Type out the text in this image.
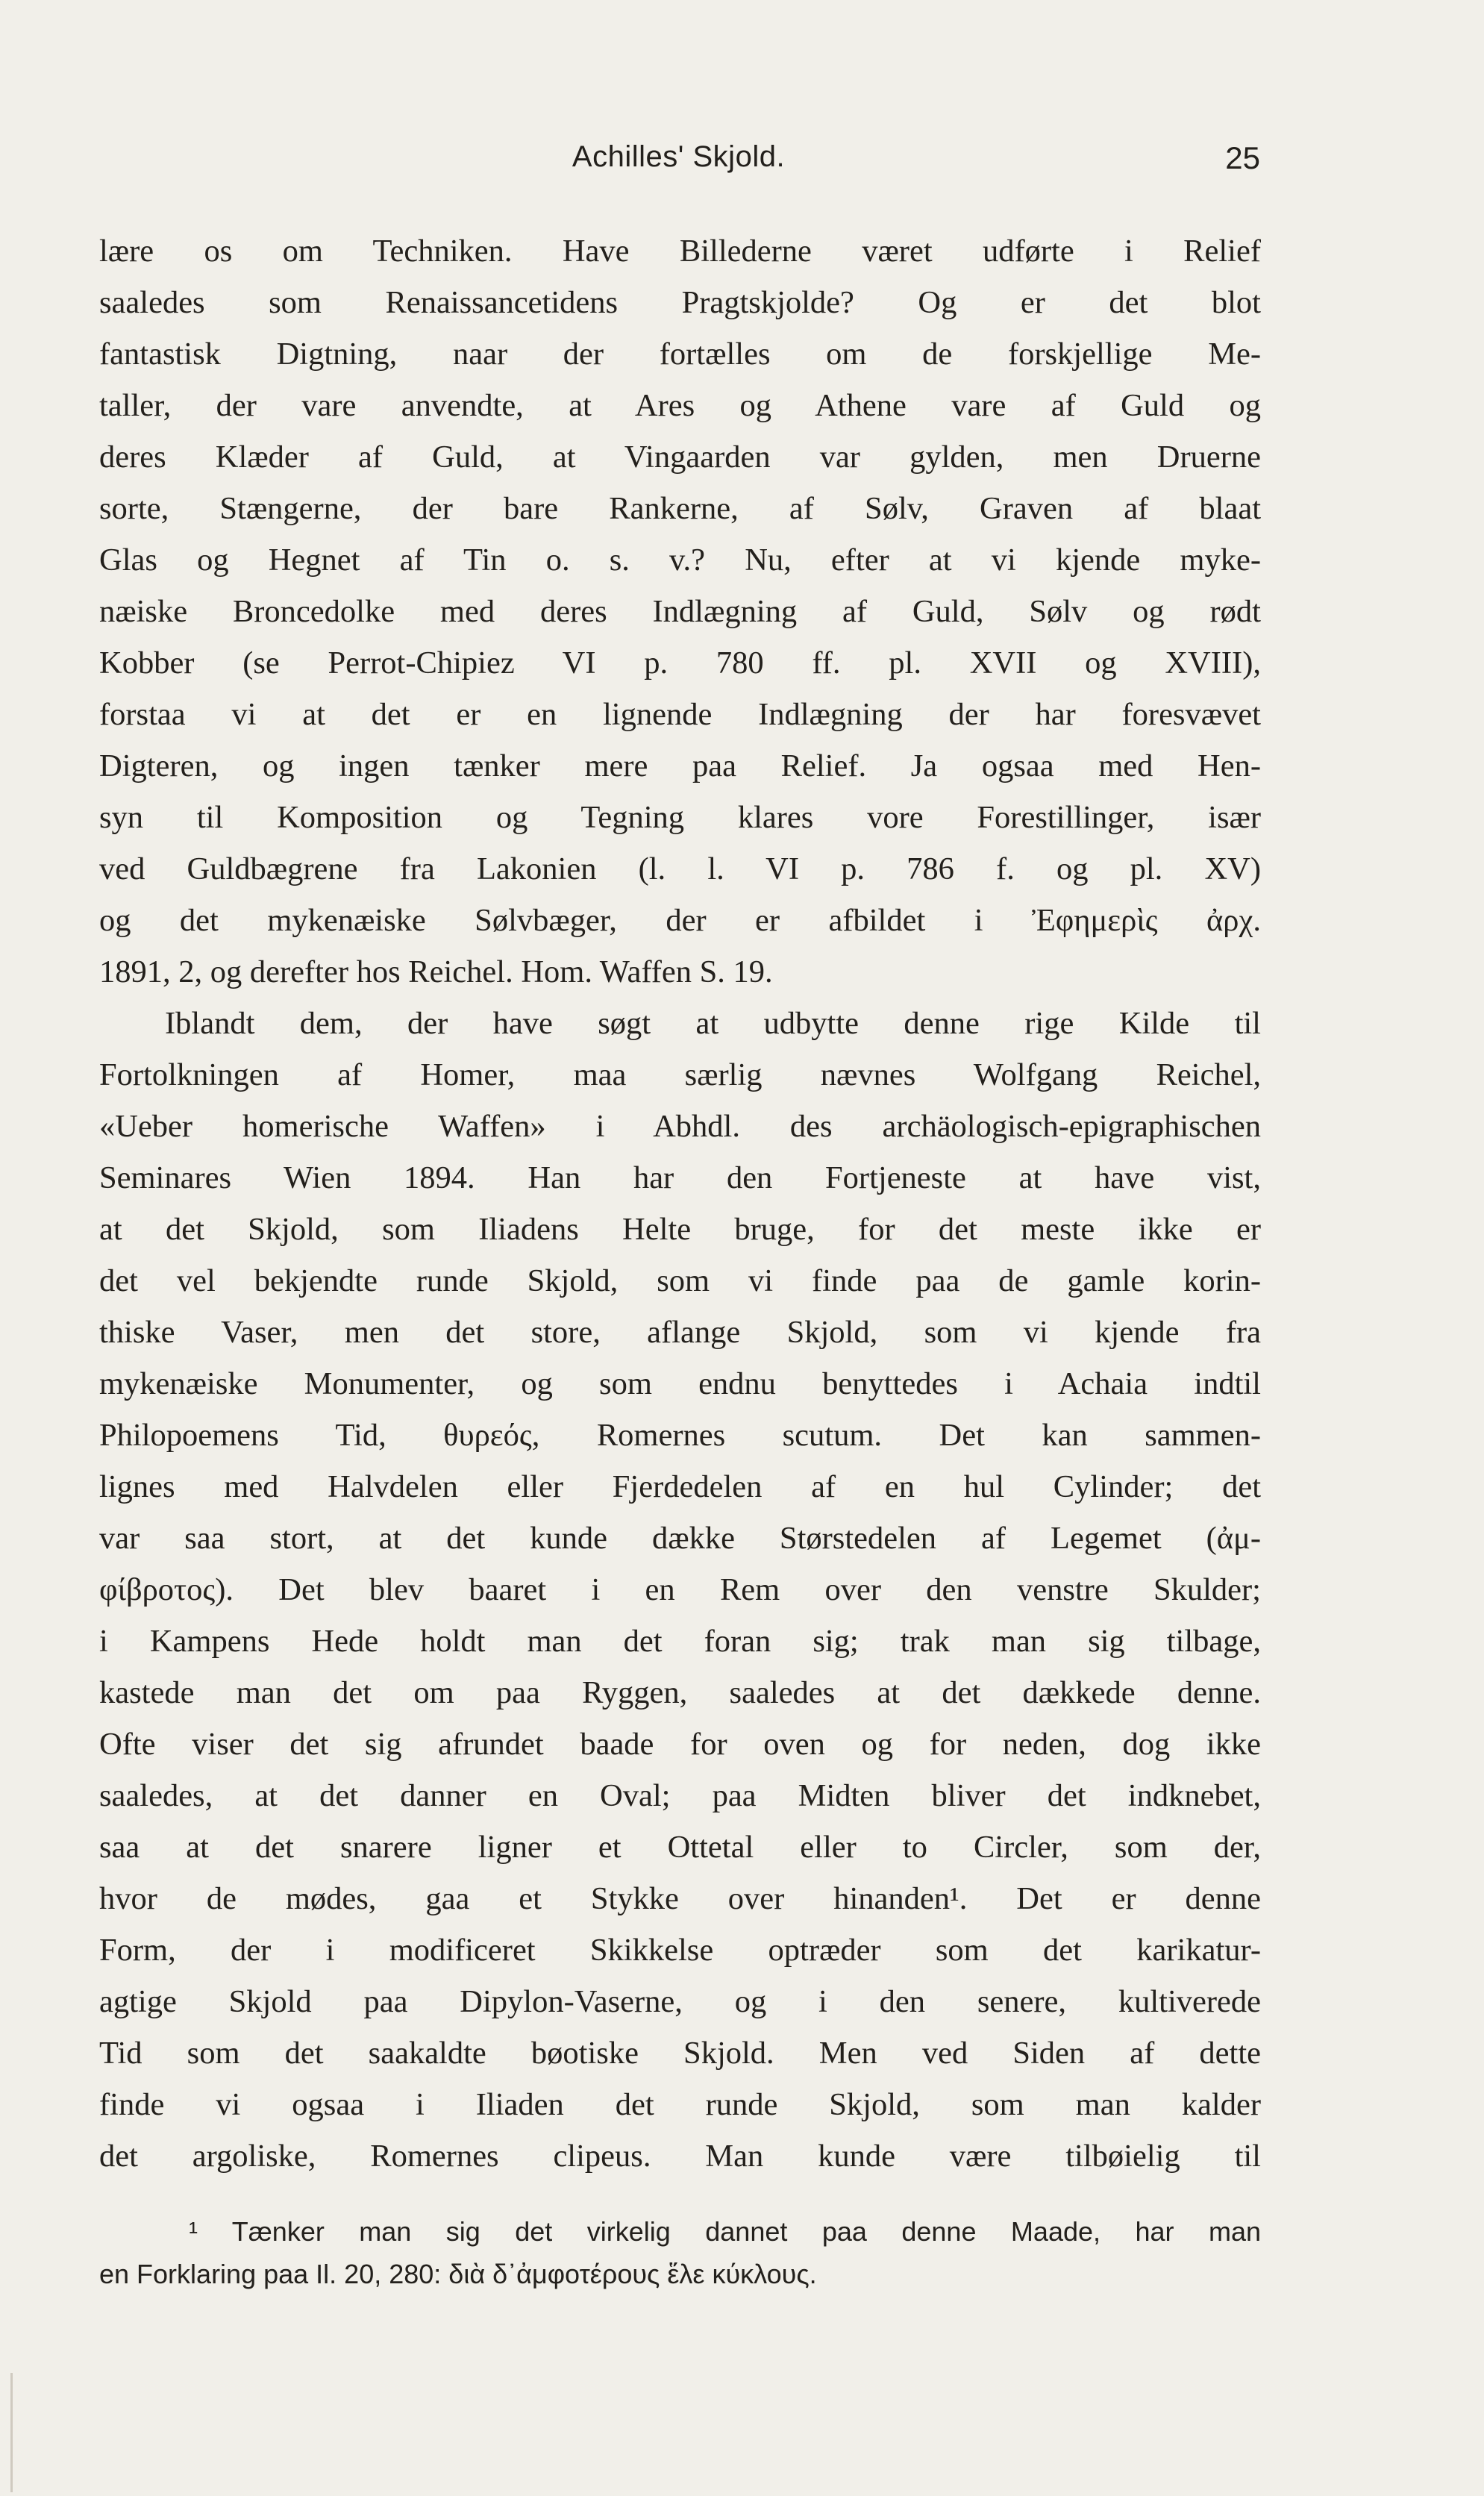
Achilles' Skjold.	25
lære os om Techniken. Have Billederne været udførte i Relief
saaledes som Renaissancetidens Pragtskjolde? Og er det blot
fantastisk Digtning, naar der fortælles om de forskjellige Me-
taller, der vare anvendte, at Ares og Athene vare af Guld og
deres Klæder af Guld, at Vingaarden var gylden, men Druerne
sorte, Stængerne, der bare Rankerne, af Sølv, Graven af blaat
Glas og Hegnet af Tin o. s. v.? Nu, efter at vi kjende myke-
næiske Broncedolke med deres Indlægning af Guld, Sølv og rødt
Kobber (se Perrot-Chipiez VI p. 780 ff. pl. XVII og XVIII),
forstaa vi at det er en lignende Indlægning der har foresvævet
Digteren, og ingen tænker mere paa Relief. Ja ogsaa med Hen-
syn til Komposition og Tegning klares vore Forestillinger, især
ved Guldbægrene fra Lakonien (l. l. VI p. 786 f. og pl. XV)
og det mykenæiske Sølvbæger, der er afbildet i Ἐφημερὶς ἀρχ.
1891, 2, og derefter hos Reichel. Hom. Waffen S. 19.
Iblandt dem, der have søgt at udbytte denne rige Kilde til
Fortolkningen af Homer, maa særlig nævnes Wolfgang Reichel,
«Ueber homerische Waffen» i Abhdl. des archäologisch-epigraphischen
Seminares Wien 1894. Han har den Fortjeneste at have vist,
at det Skjold, som Iliadens Helte bruge, for det meste ikke er
det vel bekjendte runde Skjold, som vi finde paa de gamle korin-
thiske Vaser, men det store, aflange Skjold, som vi kjende fra
mykenæiske Monumenter, og som endnu benyttedes i Achaia indtil
Philopoemens Tid, θυρεός, Romernes scutum. Det kan sammen-
lignes med Halvdelen eller Fjerdedelen af en hul Cylinder; det
var saa stort, at det kunde dække Størstedelen af Legemet (ἀμ-
φίβροτος). Det blev baaret i en Rem over den venstre Skulder;
i Kampens Hede holdt man det foran sig; trak man sig tilbage,
kastede man det om paa Ryggen, saaledes at det dækkede denne.
Ofte viser det sig afrundet baade for oven og for neden, dog ikke
saaledes, at det danner en Oval; paa Midten bliver det indknebet,
saa at det snarere ligner et Ottetal eller to Circler, som der,
hvor de mødes, gaa et Stykke over hinanden¹. Det er denne
Form, der i modificeret Skikkelse optræder som det karikatur-
agtige Skjold paa Dipylon-Vaserne, og i den senere, kultiverede
Tid som det saakaldte bøotiske Skjold. Men ved Siden af dette
finde vi ogsaa i Iliaden det runde Skjold, som man kalder
det argoliske, Romernes clipeus. Man kunde være tilbøielig til
¹ Tænker man sig det virkelig dannet paa denne Maade, har man
en Forklaring paa Il. 20, 280: διὰ δ᾽ἀμφοτέρους ἕλε κύκλους.
